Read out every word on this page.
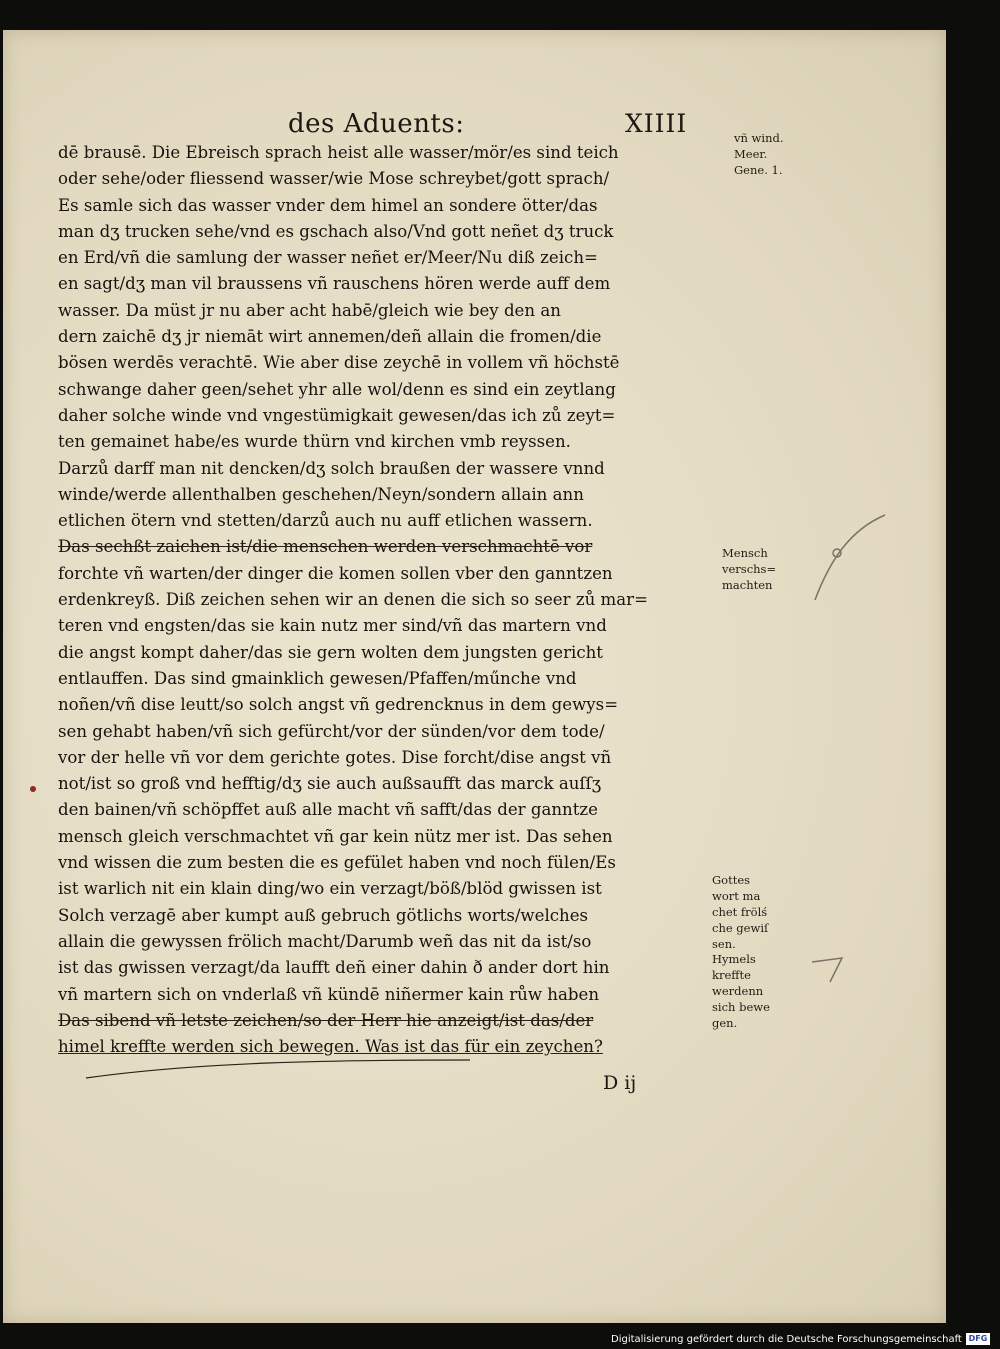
des Aduents:	XIIII
dē brausē. Die Ebreisch sprach heist alle wasser/mör/es sind teich
oder sehe/oder fliessend wasser/wie Mose schreybet/gott sprach/
Es samle sich das wasser vnder dem himel an sondere ötter/das
man dʒ trucken sehe/vnd es gschach also/Vnd gott neñet dʒ truck
en Erd/vñ die samlung der wasser neñet er/Meer/Nu diß zeich=
en sagt/dʒ man vil braussens vñ rauschens hören werde auff dem
wasser. Da müst jr nu aber acht habē/gleich wie bey den an
dern zaichē dʒ jr niemāt wirt annemen/deñ allain die fromen/die
bösen werdēs verachtē. Wie aber dise zeychē in vollem vñ höchstē
schwange daher geen/sehet yhr alle wol/denn es sind ein zeytlang
daher solche winde vnd vngestümigkait gewesen/das ich zů zeyt=
ten gemainet habe/es wurde thürn vnd kirchen vmb reyssen.
Darzů darff man nit dencken/dʒ solch braußen der wassere vnnd
winde/werde allenthalben geschehen/Neyn/sondern allain ann
etlichen ötern vnd stetten/darzů auch nu auff etlichen wassern.
Das sechßt zaichen ist/die menschen werden verschmachtē vor
forchte vñ warten/der dinger die komen sollen vber den ganntzen
erdenkreyß. Diß zeichen sehen wir an denen die sich so seer zů mar=
teren vnd engsten/das sie kain nutz mer sind/vñ das martern vnd
die angst kompt daher/das sie gern wolten dem jungsten gericht
entlauffen. Das sind gmainklich gewesen/Pfaffen/műnche vnd
noñen/vñ dise leutt/so solch angst vñ gedrencknus in dem gewys=
sen gehabt haben/vñ sich gefürcht/vor der sünden/vor dem tode/
vor der helle vñ vor dem gerichte gotes. Dise forcht/dise angst vñ
not/ist so groß vnd hefftig/dʒ sie auch außsaufft das marck auſſʒ
den bainen/vñ schöpffet auß alle macht vñ safft/das der ganntze
mensch gleich verschmachtet vñ gar kein nütz mer ist. Das sehen
vnd wissen die zum besten die es gefület haben vnd noch fülen/Es
ist warlich nit ein klain ding/wo ein verzagt/böß/blöd gwissen ist
Solch verzagē aber kumpt auß gebruch götlichs worts/welches
allain die gewyssen frölich macht/Darumb weñ das nit da ist/so
ist das gwissen verzagt/da laufft deñ einer dahin ð ander dort hin
vñ martern sich on vnderlaß vñ kündē niñermer kain růw haben
Das sibend vñ letste zeichen/so der Herr hie anzeigt/ist das/der
himel kreffte werden sich bewegen. Was ist das für ein zeychen?
vñ wind.
Meer.
Gene. 1.
Mensch
verschs=
machten
Gottes
wort ma
chet frölś
che gewiſ
sen.
Hymels
kreffte
werdenn
sich bewe
gen.
D ij
Digitalisierung gefördert durch die Deutsche Forschungsgemeinschaft DFG
